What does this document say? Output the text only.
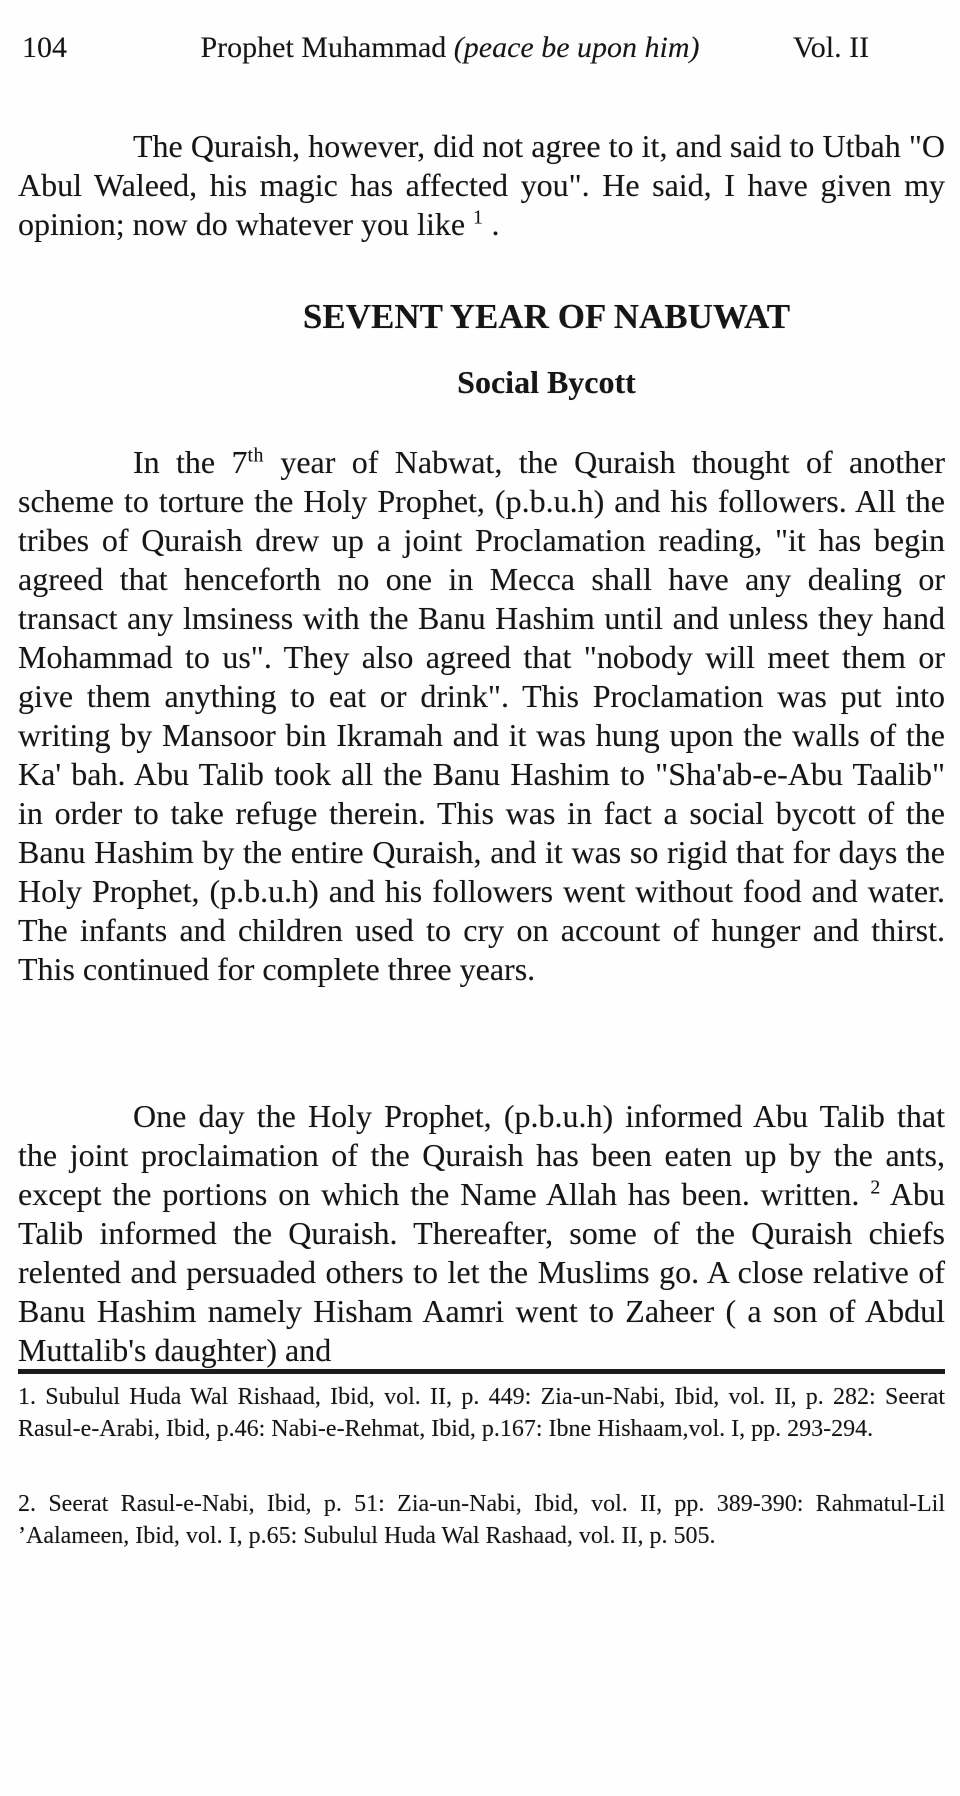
104	Prophet Muhammad (peace be upon him)	Vol. II

The Quraish, however, did not agree to it, and said to Utbah "O Abul Waleed, his magic has affected you". He said, I have given my opinion; now do whatever you like $^1$ .

SEVENT YEAR OF NABUWAT
Social Bycott

In the 7th year of Nabwat, the Quraish thought of another scheme to torture the Holy Prophet, (p.b.u.h) and his followers. All the tribes of Quraish drew up a joint Proclamation reading, "it has begin agreed that henceforth no one in Mecca shall have any dealing or transact any lmsiness with the Banu Hashim until and unless they hand Mohammad to us". They also agreed that "nobody will meet them or give them anything to eat or drink". This Proclamation was put into writing by Mansoor bin Ikramah and it was hung upon the walls of the Ka' bah. Abu Talib took all the Banu Hashim to "Sha'ab-e-Abu Taalib" in order to take refuge therein. This was in fact a social bycott of the Banu Hashim by the entire Quraish, and it was so rigid that for days the Holy Prophet, (p.b.u.h) and his followers went without food and water. The infants and children used to cry on account of hunger and thirst. This continued for complete three years.

One day the Holy Prophet, (p.b.u.h) informed Abu Talib that the joint proclaimation of the Quraish has been eaten up by the ants, except the portions on which the Name Allah has been. written. $^2$ Abu Talib informed the Quraish. Thereafter, some of the Quraish chiefs relented and persuaded others to let the Muslims go. A close relative of Banu Hashim namely Hisham Aamri went to Zaheer ( a son of Abdul Muttalib's daughter) and

1. Subulul Huda Wal Rishaad, Ibid, vol. II, p. 449: Zia-un-Nabi, Ibid, vol. II, p. 282: Seerat Rasul-e-Arabi, Ibid, p.46: Nabi-e-Rehmat, Ibid, p.167: Ibne Hishaam,vol. I, pp. 293-294.

2. Seerat Rasul-e-Nabi, Ibid, p. 51: Zia-un-Nabi, Ibid, vol. II, pp. 389-390: Rahmatul-Lil ’Aalameen, Ibid, vol. I, p.65: Subulul Huda Wal Rashaad, vol. II, p. 505.
